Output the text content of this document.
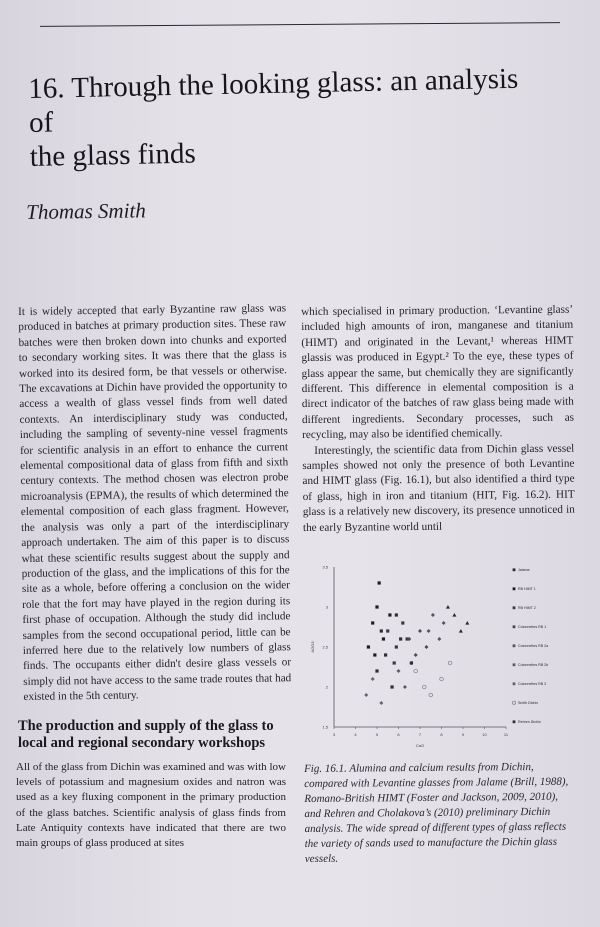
16. Through the looking glass: an analysis of
the glass finds
Thomas Smith

It is widely accepted that early Byzantine raw glass was produced in batches at primary production sites. These raw batches were then broken down into chunks and exported to secondary working sites. It was there that the glass is worked into its desired form, be that vessels or otherwise. The excavations at Dichin have provided the opportunity to access a wealth of glass vessel finds from well dated contexts. An interdisciplinary study was conducted, including the sampling of seventy-nine vessel fragments for scientific analysis in an effort to enhance the current elemental compositional data of glass from fifth and sixth century contexts. The method chosen was electron probe microanalysis (EPMA), the results of which determined the elemental composition of each glass fragment. However, the analysis was only a part of the interdisciplinary approach undertaken. The aim of this paper is to discuss what these scientific results suggest about the supply and production of the glass, and the implications of this for the site as a whole, before offering a conclusion on the wider role that the fort may have played in the region during its first phase of occupation. Although the study did include samples from the second occupational period, little can be inferred here due to the relatively low numbers of glass finds. The occupants either didn't desire glass vessels or simply did not have access to the same trade routes that had existed in the 5th century.

which specialised in primary production. ‘Levantine glass’ included high amounts of iron, manganese and titanium (HIMT) and originated in the Levant,¹ whereas HIMT glassis was produced in Egypt.² To the eye, these types of glass appear the same, but chemically they are significantly different. This difference in elemental composition is a direct indicator of the batches of raw glass being made with different ingredients. Secondary processes, such as recycling, may also be identified chemically.

Interestingly, the scientific data from Dichin glass vessel samples showed not only the presence of both Levantine and HIMT glass (Fig. 16.1), but also identified a third type of glass, high in iron and titanium (HIT, Fig. 16.2). HIT glass is a relatively new discovery, its presence unnoticed in the early Byzantine world until

3	4	5	6	7	8	9	10	11
3.5
3
2.5
2
1.5
CaO
Al2O3
Jalame
RB HIMT 1
RB HIMT 2
Colonnettes RB 1
Colonnettes RB 2a
Colonnettes RB 2b
Colonnettes RB 3
Smith Dichin
Rehren Dichin
The production and supply of the glass to local and regional secondary workshops

All of the glass from Dichin was examined and was with low levels of potassium and magnesium oxides and natron was used as a key fluxing component in the primary production of the glass batches. Scientific analysis of glass finds from Late Antiquity contexts have indicated that there are two main groups of glass produced at sites

Fig. 16.1. Alumina and calcium results from Dichin, compared with Levantine glasses from Jalame (Brill, 1988), Romano-British HIMT (Foster and Jackson, 2009, 2010), and Rehren and Cholakova’s (2010) preliminary Dichin analysis. The wide spread of different types of glass reflects the variety of sands used to manufacture the Dichin glass vessels.
